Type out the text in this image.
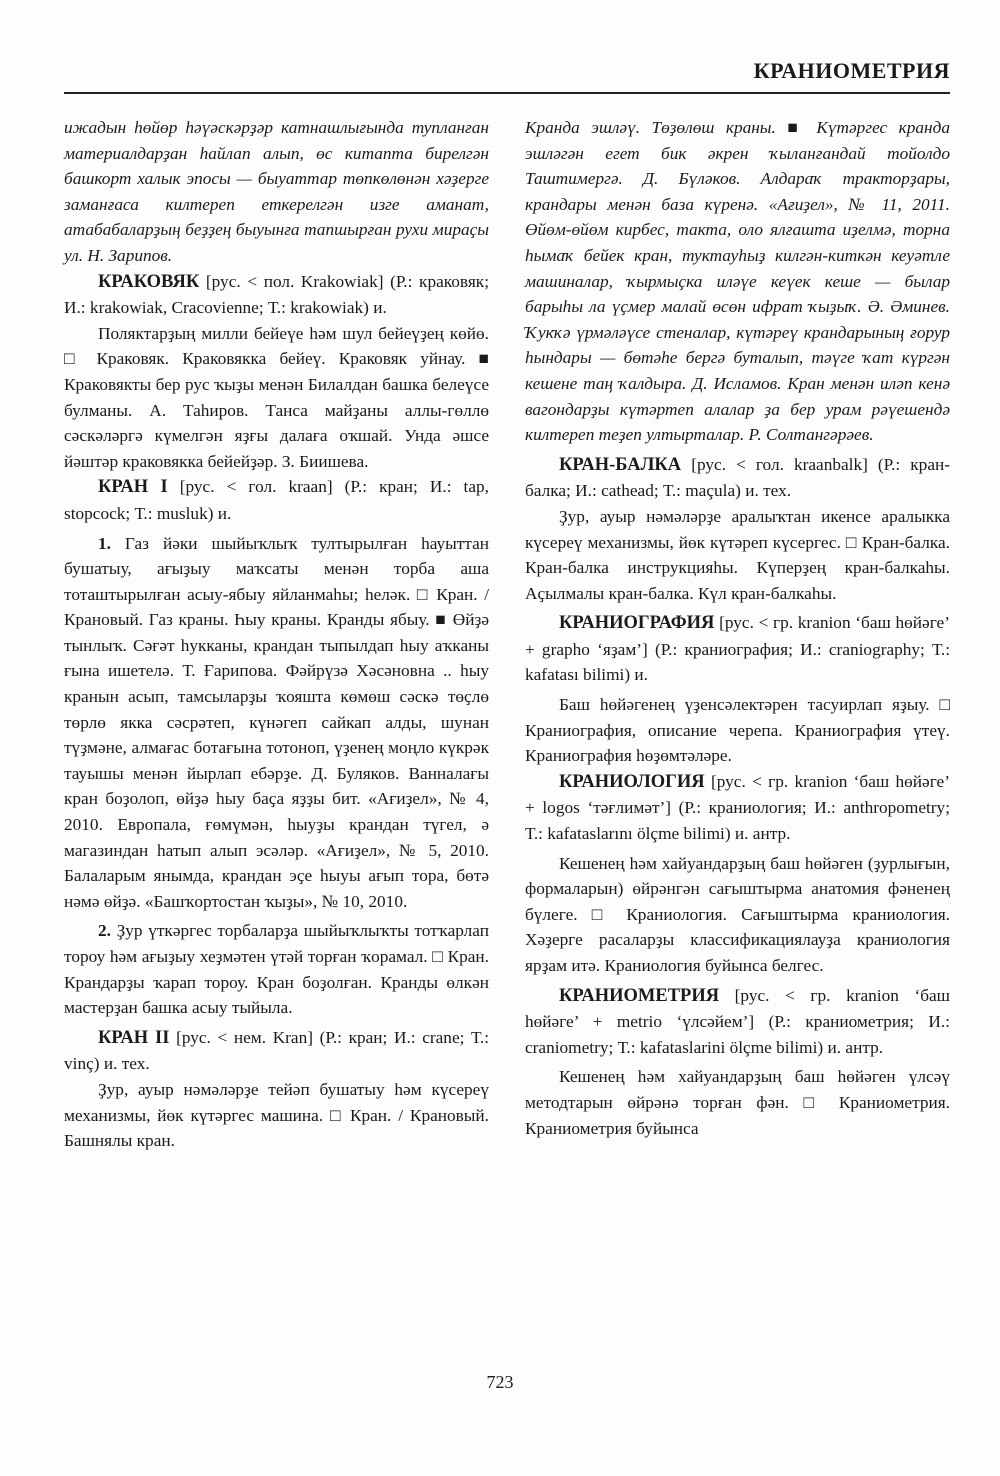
КРАНИОМЕТРИЯ

ижадын һөйөр һәүәскәрҙәр катнашлығында тупланған материалдарҙан һайлап алып, өс китапта бирелгән башкорт халык эпосы — быуаттар төпкөлөнән хәҙерге заманғаса килтереп еткерелгән изге аманат, атабабаларҙың беҙҙең быуынға тапшырған рухи мираҫы ул. Н. Зарипов.

КРАКОВЯК [рус. < пол. Krakowiak] (Р.: краковяк; И.: krakowiak, Cracovienne; Т.: krakowiak) и.

Поляктарҙың милли бейеүе һәм шул бейеүҙең көйө. □ Краковяк. Краковякка бейеү. Краковяк уйнау. ■ Краковякты бер рус ҡыҙы менән Билалдан башка белеүсе булманы. А. Таһиров. Танса майҙаны аллы-гөллө сәскәләргә күмелгән яҙғы далаға оҡшай. Унда әшсе йәштәр краковякка бейейҙәр. З. Биишева.

КРАН I [рус. < гол. kraan] (Р.: кран; И.: tap, stopcock; Т.: musluk) и.

1. Газ йәки шыйыҡлыҡ тултырылған һауыттан бушатыу, ағыҙыу маҡсаты менән торба аша тоташтырылған асыу-ябыу яйланмаһы; һеләк. □ Кран. / Крановый. Газ краны. Һыу краны. Кранды ябыу. ■ Өйҙә тынлыҡ. Сәғәт һукканы, крандан тыпылдап һыу аҡканы ғына ишетелә. Т. Ғарипова. Фәйрүзә Хәсәновна .. һыу кранын асып, тамсыларҙы ҡояшта көмөш сәскә төҫлө төрлө якка сәсрәтеп, күнәгеп сайкап алды, шунан түҙмәне, алмағас ботағына тотоноп, үҙенең моңло күкрәк тауышы менән йырлап ебәрҙе. Д. Буляков. Ванналағы кран боҙолоп, өйҙә һыу баҫа яҙҙы бит. «Ағиҙел», № 4, 2010. Европала, ғөмүмән, һыуҙы крандан түгел, ә магазиндан һатып алып эсәләр. «Ағиҙел», № 5, 2010. Балаларым янымда, крандан эҫе һыуы ағып тора, бөтә нәмә өйҙә. «Башҡортостан ҡыҙы», № 10, 2010.

2. Ҙур үткәргес торбаларҙа шыйыҡлыҡты тотҡарлап тороу һәм ағыҙыу хеҙмәтен үтәй торған ҡорамал. □ Кран. Крандарҙы ҡарап тороу. Кран боҙолған. Кранды өлкән мастерҙан башка асыу тыйыла.

КРАН II [рус. < нем. Kran] (Р.: кран; И.: crane; Т.: vinç) и. тех.

Ҙур, ауыр нәмәләрҙе тейәп бушатыу һәм күсереү механизмы, йөк күтәргес машина. □ Кран. / Крановый. Башнялы кран.

Кранда эшләү. Төҙөлөш краны. ■ Күтәргес кранда эшләгән егет бик әкрен ҡыланғандай тойолдо Таштимергә. Д. Бүләков. Алдараҡ тракторҙары, крандары менән база күренә. «Ағиҙел», № 11, 2011. Өйөм-өйөм кирбес, такта, оло ялғашта иҙелмә, торна һымаҡ бейек кран, туктауһыҙ килгән-киткән кеуәтле машиналар, ҡырмыҫка иләүе кеүек кеше — былар барыһы ла үҫмер малай өсөн ифрат ҡыҙыҡ. Ә. Әминев. Ҡукҡә үрмәләүсе стеналар, күтәреү крандарының ғорур һындары — бөтәһе бергә буталып, тәүге ҡат күргән кешене таң ҡалдыра. Д. Исламов. Кран менән иләп кенә вагондарҙы күтәртеп алалар ҙа бер урам рәүешендә килтереп теҙеп ултырталар. Р. Солтангәрәев.

КРАН-БАЛКА [рус. < гол. kraanbalk] (Р.: кран-балка; И.: cathead; Т.: maçula) и. тех.

Ҙур, ауыр нәмәләрҙе аралыҡтан икенсе аралыкка күсереү механизмы, йөк күтәреп күсергес. □ Кран-балка. Кран-балка инструкцияһы. Күперҙең кран-балкаһы. Аҫылмалы кран-балка. Күл кран-балкаһы.

КРАНИОГРАФИЯ [рус. < гр. kranion ‘баш һөйәге’ + grapho ‘яҙам’] (Р.: краниография; И.: craniography; Т.: kafatası bilimi) и.

Баш һөйәгенең үҙенсәлектәрен тасуирлап яҙыу. □ Краниография, описание черепа. Краниография үтеү. Краниография һөҙөмтәләре.

КРАНИОЛОГИЯ [рус. < гр. kranion ‘баш һөйәге’ + logos ‘тәғлимәт’] (Р.: краниология; И.: anthropometry; Т.: kafataslarını ölçme bilimi) и. антр.

Кешенең һәм хайуандарҙың баш һөйәген (ҙурлығын, формаларын) өйрәнгән сағыштырма анатомия фәненең бүлеге. □ Краниология. Сағыштырма краниология. Хәҙерге расаларҙы классификациялауҙа краниология ярҙам итә. Краниология буйынса белгес.

КРАНИОМЕТРИЯ [рус. < гр. kranion ‘баш һөйәге’ + metrio ‘үлсәйем’] (Р.: краниометрия; И.: craniometry; Т.: kafataslarini ölçme bilimi) и. антр.

Кешенең һәм хайуандарҙың баш һөйәген үлсәү методтарын өйрәнә торған фән. □ Краниометрия. Краниометрия буйынса

723
